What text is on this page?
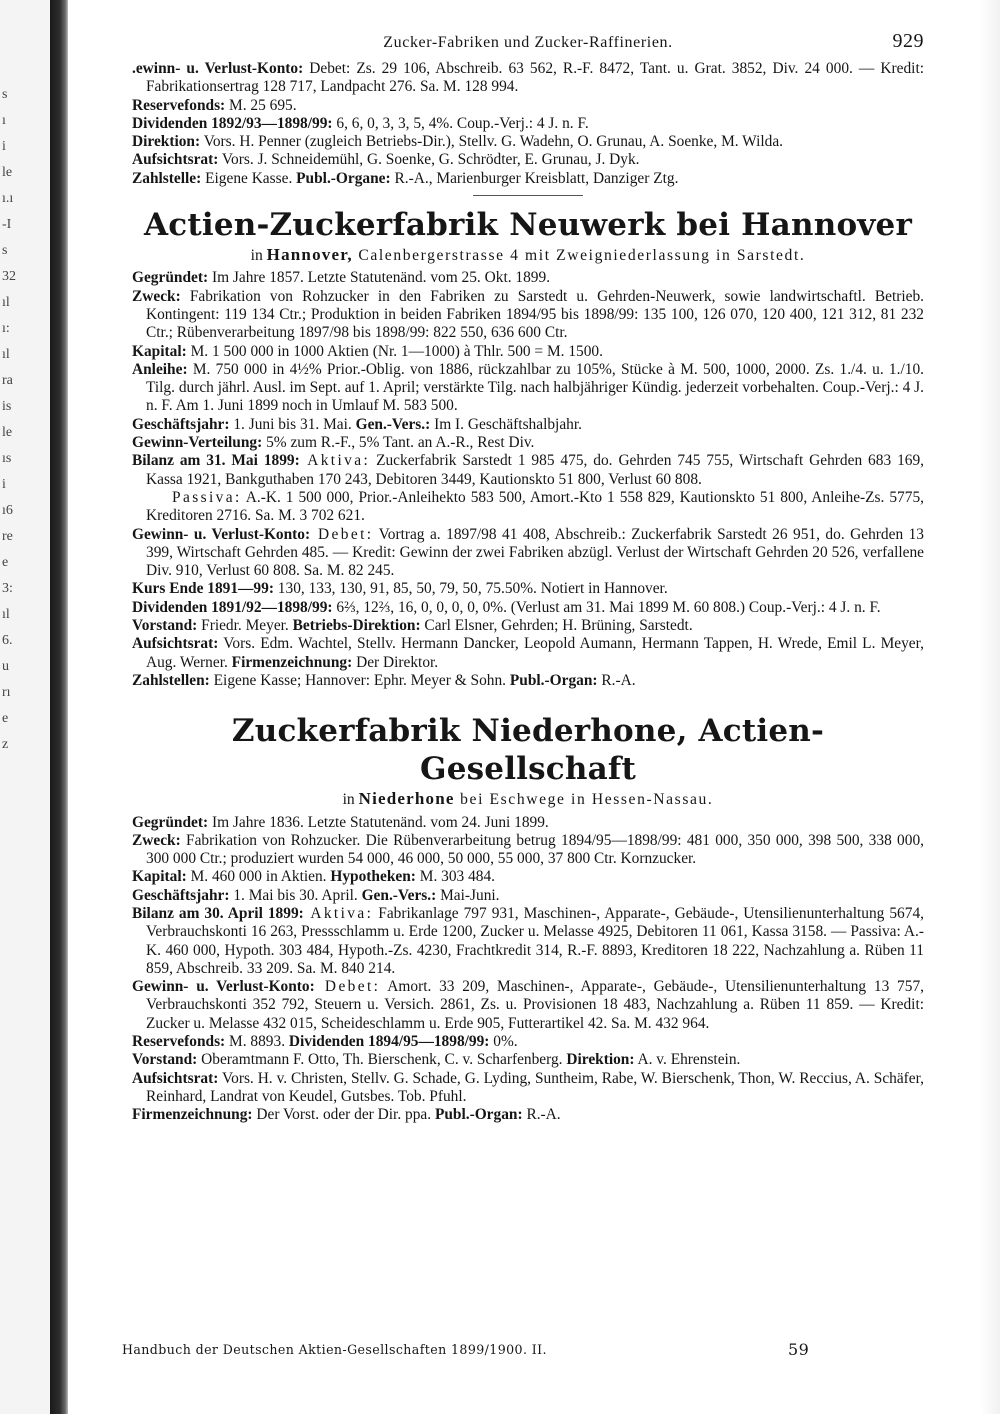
s
ı
i
le
ı.ı
-I
s
32
ıl
ı:
ıl
ra
is
le
ıs
i
ı6
re
e
3:
ıl
6.
u
rı
e
z
Zucker-Fabriken und Zucker-Raffinerien.	929

.ewinn- u. Verlust-Konto: Debet: Zs. 29 106, Abschreib. 63 562, R.-F. 8472, Tant. u. Grat. 3852, Div. 24 000. — Kredit: Fabrikationsertrag 128 717, Landpacht 276. Sa. M. 128 994.

Reservefonds: M. 25 695.

Dividenden 1892/93—1898/99: 6, 6, 0, 3, 3, 5, 4%. Coup.-Verj.: 4 J. n. F.

Direktion: Vors. H. Penner (zugleich Betriebs-Dir.), Stellv. G. Wadehn, O. Grunau, A. Soenke, M. Wilda.

Aufsichtsrat: Vors. J. Schneidemühl, G. Soenke, G. Schrödter, E. Grunau, J. Dyk.

Zahlstelle: Eigene Kasse. Publ.-Organe: R.-A., Marienburger Kreisblatt, Danziger Ztg.

Actien-Zuckerfabrik Neuwerk bei Hannover
in Hannover, Calenbergerstrasse 4 mit Zweigniederlassung in Sarstedt.

Gegründet: Im Jahre 1857. Letzte Statutenänd. vom 25. Okt. 1899.

Zweck: Fabrikation von Rohzucker in den Fabriken zu Sarstedt u. Gehrden-Neuwerk, sowie landwirtschaftl. Betrieb. Kontingent: 119 134 Ctr.; Produktion in beiden Fabriken 1894/95 bis 1898/99: 135 100, 126 070, 120 400, 121 312, 81 232 Ctr.; Rübenverarbeitung 1897/98 bis 1898/99: 822 550, 636 600 Ctr.

Kapital: M. 1 500 000 in 1000 Aktien (Nr. 1—1000) à Thlr. 500 = M. 1500.

Anleihe: M. 750 000 in 4½% Prior.-Oblig. von 1886, rückzahlbar zu 105%, Stücke à M. 500, 1000, 2000. Zs. 1./4. u. 1./10. Tilg. durch jährl. Ausl. im Sept. auf 1. April; verstärkte Tilg. nach halbjähriger Kündig. jederzeit vorbehalten. Coup.-Verj.: 4 J. n. F. Am 1. Juni 1899 noch in Umlauf M. 583 500.

Geschäftsjahr: 1. Juni bis 31. Mai. Gen.-Vers.: Im I. Geschäftshalbjahr.

Gewinn-Verteilung: 5% zum R.-F., 5% Tant. an A.-R., Rest Div.

Bilanz am 31. Mai 1899: Aktiva: Zuckerfabrik Sarstedt 1 985 475, do. Gehrden 745 755, Wirtschaft Gehrden 683 169, Kassa 1921, Bankguthaben 170 243, Debitoren 3449, Kautionskto 51 800, Verlust 60 808.

Passiva: A.-K. 1 500 000, Prior.-Anleihekto 583 500, Amort.-Kto 1 558 829, Kautionskto 51 800, Anleihe-Zs. 5775, Kreditoren 2716. Sa. M. 3 702 621.

Gewinn- u. Verlust-Konto: Debet: Vortrag a. 1897/98 41 408, Abschreib.: Zuckerfabrik Sarstedt 26 951, do. Gehrden 13 399, Wirtschaft Gehrden 485. — Kredit: Gewinn der zwei Fabriken abzügl. Verlust der Wirtschaft Gehrden 20 526, verfallene Div. 910, Verlust 60 808. Sa. M. 82 245.

Kurs Ende 1891—99: 130, 133, 130, 91, 85, 50, 79, 50, 75.50%. Notiert in Hannover.

Dividenden 1891/92—1898/99: 6⅔, 12⅔, 16, 0, 0, 0, 0, 0%. (Verlust am 31. Mai 1899 M. 60 808.) Coup.-Verj.: 4 J. n. F.

Vorstand: Friedr. Meyer. Betriebs-Direktion: Carl Elsner, Gehrden; H. Brüning, Sarstedt.

Aufsichtsrat: Vors. Edm. Wachtel, Stellv. Hermann Dancker, Leopold Aumann, Hermann Tappen, H. Wrede, Emil L. Meyer, Aug. Werner. Firmenzeichnung: Der Direktor.

Zahlstellen: Eigene Kasse; Hannover: Ephr. Meyer & Sohn. Publ.-Organ: R.-A.

Zuckerfabrik Niederhone, Actien-Gesellschaft
in Niederhone bei Eschwege in Hessen-Nassau.

Gegründet: Im Jahre 1836. Letzte Statutenänd. vom 24. Juni 1899.

Zweck: Fabrikation von Rohzucker. Die Rübenverarbeitung betrug 1894/95—1898/99: 481 000, 350 000, 398 500, 338 000, 300 000 Ctr.; produziert wurden 54 000, 46 000, 50 000, 55 000, 37 800 Ctr. Kornzucker.

Kapital: M. 460 000 in Aktien. Hypotheken: M. 303 484.

Geschäftsjahr: 1. Mai bis 30. April. Gen.-Vers.: Mai-Juni.

Bilanz am 30. April 1899: Aktiva: Fabrikanlage 797 931, Maschinen-, Apparate-, Gebäude-, Utensilienunterhaltung 5674, Verbrauchskonti 16 263, Pressschlamm u. Erde 1200, Zucker u. Melasse 4925, Debitoren 11 061, Kassa 3158. — Passiva: A.-K. 460 000, Hypoth. 303 484, Hypoth.-Zs. 4230, Frachtkredit 314, R.-F. 8893, Kreditoren 18 222, Nachzahlung a. Rüben 11 859, Abschreib. 33 209. Sa. M. 840 214.

Gewinn- u. Verlust-Konto: Debet: Amort. 33 209, Maschinen-, Apparate-, Gebäude-, Utensilienunterhaltung 13 757, Verbrauchskonti 352 792, Steuern u. Versich. 2861, Zs. u. Provisionen 18 483, Nachzahlung a. Rüben 11 859. — Kredit: Zucker u. Melasse 432 015, Scheideschlamm u. Erde 905, Futterartikel 42. Sa. M. 432 964.

Reservefonds: M. 8893. Dividenden 1894/95—1898/99: 0%.

Vorstand: Oberamtmann F. Otto, Th. Bierschenk, C. v. Scharfenberg. Direktion: A. v. Ehrenstein.

Aufsichtsrat: Vors. H. v. Christen, Stellv. G. Schade, G. Lyding, Suntheim, Rabe, W. Bierschenk, Thon, W. Reccius, A. Schäfer, Reinhard, Landrat von Keudel, Gutsbes. Tob. Pfuhl.

Firmenzeichnung: Der Vorst. oder der Dir. ppa. Publ.-Organ: R.-A.

Handbuch der Deutschen Aktien-Gesellschaften 1899/1900. II.	59
